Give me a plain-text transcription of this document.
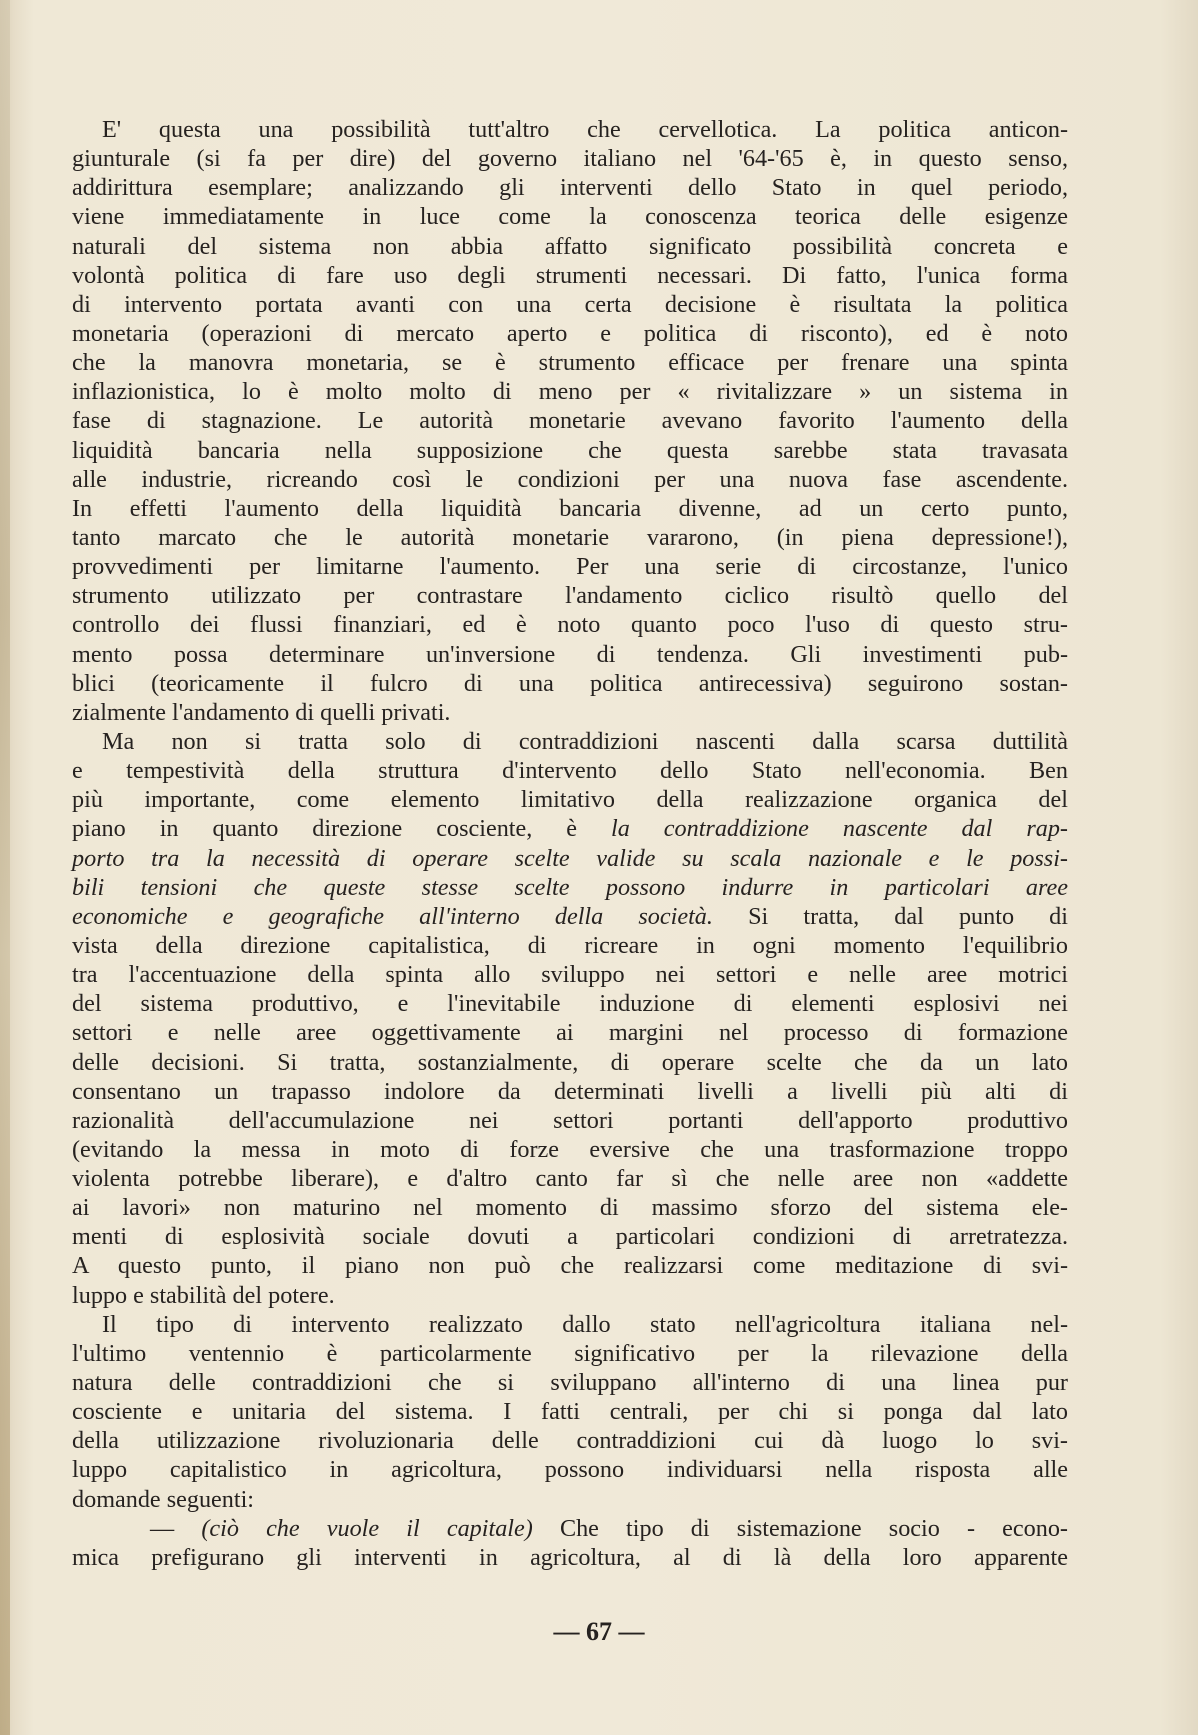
E' questa una possibilità tutt'altro che cervellotica. La politica anticon-
giunturale (si fa per dire) del governo italiano nel '64-'65 è, in questo senso,
addirittura esemplare; analizzando gli interventi dello Stato in quel periodo,
viene immediatamente in luce come la conoscenza teorica delle esigenze
naturali del sistema non abbia affatto significato possibilità concreta e
volontà politica di fare uso degli strumenti necessari. Di fatto, l'unica forma
di intervento portata avanti con una certa decisione è risultata la politica
monetaria (operazioni di mercato aperto e politica di risconto), ed è noto
che la manovra monetaria, se è strumento efficace per frenare una spinta
inflazionistica, lo è molto molto di meno per « rivitalizzare » un sistema in
fase di stagnazione. Le autorità monetarie avevano favorito l'aumento della
liquidità bancaria nella supposizione che questa sarebbe stata travasata
alle industrie, ricreando così le condizioni per una nuova fase ascendente.
In effetti l'aumento della liquidità bancaria divenne, ad un certo punto,
tanto marcato che le autorità monetarie vararono, (in piena depressione!),
provvedimenti per limitarne l'aumento. Per una serie di circostanze, l'unico
strumento utilizzato per contrastare l'andamento ciclico risultò quello del
controllo dei flussi finanziari, ed è noto quanto poco l'uso di questo stru-
mento possa determinare un'inversione di tendenza. Gli investimenti pub-
blici (teoricamente il fulcro di una politica antirecessiva) seguirono sostan-
zialmente l'andamento di quelli privati.
Ma non si tratta solo di contraddizioni nascenti dalla scarsa duttilità
e tempestività della struttura d'intervento dello Stato nell'economia. Ben
più importante, come elemento limitativo della realizzazione organica del
piano in quanto direzione cosciente, è la contraddizione nascente dal rap-
porto tra la necessità di operare scelte valide su scala nazionale e le possi-
bili tensioni che queste stesse scelte possono indurre in particolari aree
economiche e geografiche all'interno della società. Si tratta, dal punto di
vista della direzione capitalistica, di ricreare in ogni momento l'equilibrio
tra l'accentuazione della spinta allo sviluppo nei settori e nelle aree motrici
del sistema produttivo, e l'inevitabile induzione di elementi esplosivi nei
settori e nelle aree oggettivamente ai margini nel processo di formazione
delle decisioni. Si tratta, sostanzialmente, di operare scelte che da un lato
consentano un trapasso indolore da determinati livelli a livelli più alti di
razionalità dell'accumulazione nei settori portanti dell'apporto produttivo
(evitando la messa in moto di forze eversive che una trasformazione troppo
violenta potrebbe liberare), e d'altro canto far sì che nelle aree non «addette
ai lavori» non maturino nel momento di massimo sforzo del sistema ele-
menti di esplosività sociale dovuti a particolari condizioni di arretratezza.
A questo punto, il piano non può che realizzarsi come meditazione di svi-
luppo e stabilità del potere.
Il tipo di intervento realizzato dallo stato nell'agricoltura italiana nel-
l'ultimo ventennio è particolarmente significativo per la rilevazione della
natura delle contraddizioni che si sviluppano all'interno di una linea pur
cosciente e unitaria del sistema. I fatti centrali, per chi si ponga dal lato
della utilizzazione rivoluzionaria delle contraddizioni cui dà luogo lo svi-
luppo capitalistico in agricoltura, possono individuarsi nella risposta alle
domande seguenti:
— (ciò che vuole il capitale) Che tipo di sistemazione socio - econo-
mica prefigurano gli interventi in agricoltura, al di là della loro apparente
— 67 —
